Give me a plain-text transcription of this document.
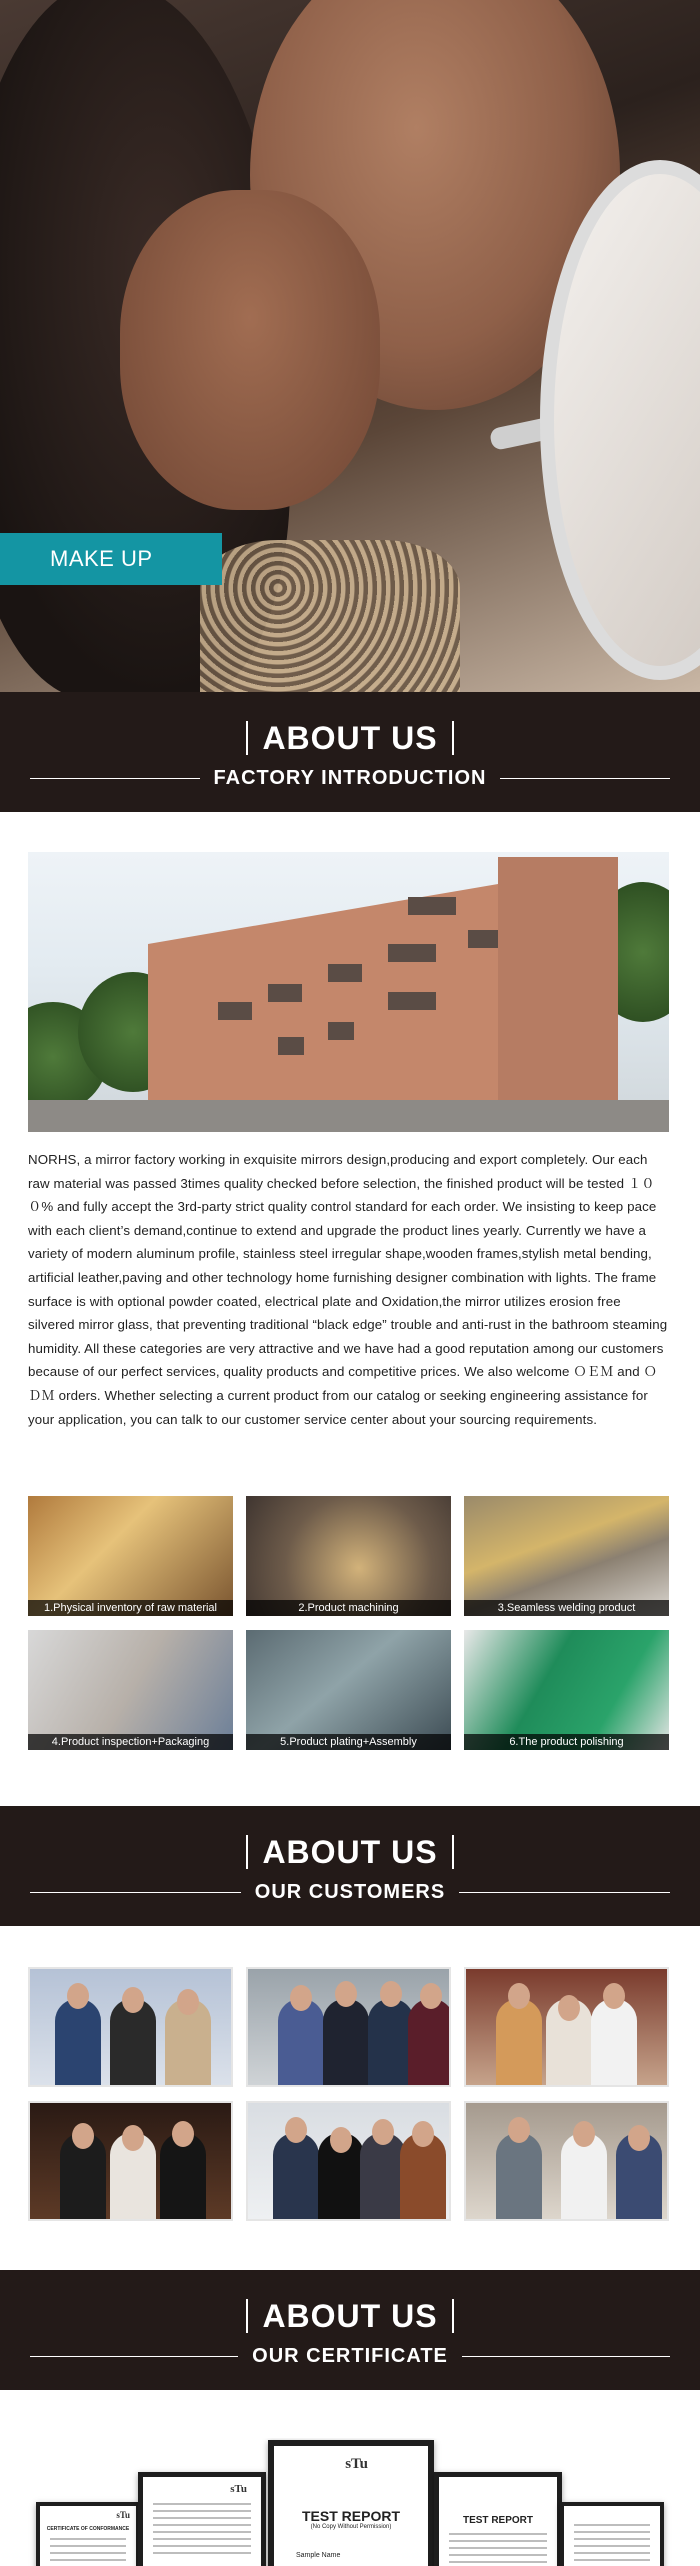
MAKE UP
ABOUT US
FACTORY INTRODUCTION

NORHS, a mirror factory working in exquisite mirrors design,producing and export completely. Our each raw material was passed 3times quality checked before selection, the finished product will be tested １００% and fully accept the 3rd-party strict quality control standard for each order. We insisting to keep pace with each client’s demand,continue to extend and upgrade the product lines yearly. Currently we have a variety of modern aluminum profile, stainless steel irregular shape,wooden frames,stylish metal bending, artificial leather,paving and other technology home furnishing designer combination with lights. The frame surface is with optional powder coated, electrical plate and Oxidation,the mirror utilizes erosion free silvered mirror glass, that preventing traditional “black edge” trouble and anti-rust in the bathroom steaming humidity. All these categories are very attractive and we have had a good reputation among our customers because of our perfect services, quality products and competitive prices. We also welcome ＯＥＭ and ＯＤＭ orders. Whether selecting a current product from our catalog or seeking engineering assistance for your application, you can talk to our customer service center about your sourcing requirements.

1.Physical inventory of raw material	2.Product machining	3.Seamless welding product
4.Product inspection+Packaging	5.Product plating+Assembly	6.The product polishing
ABOUT US
OUR CUSTOMERS
ABOUT US
OUR CERTIFICATE
sTu
CERTIFICATE OF CONFORMANCE
sTu
sTu
TEST REPORT
(No Copy Without Permission)
Sample Name
TEST REPORT
